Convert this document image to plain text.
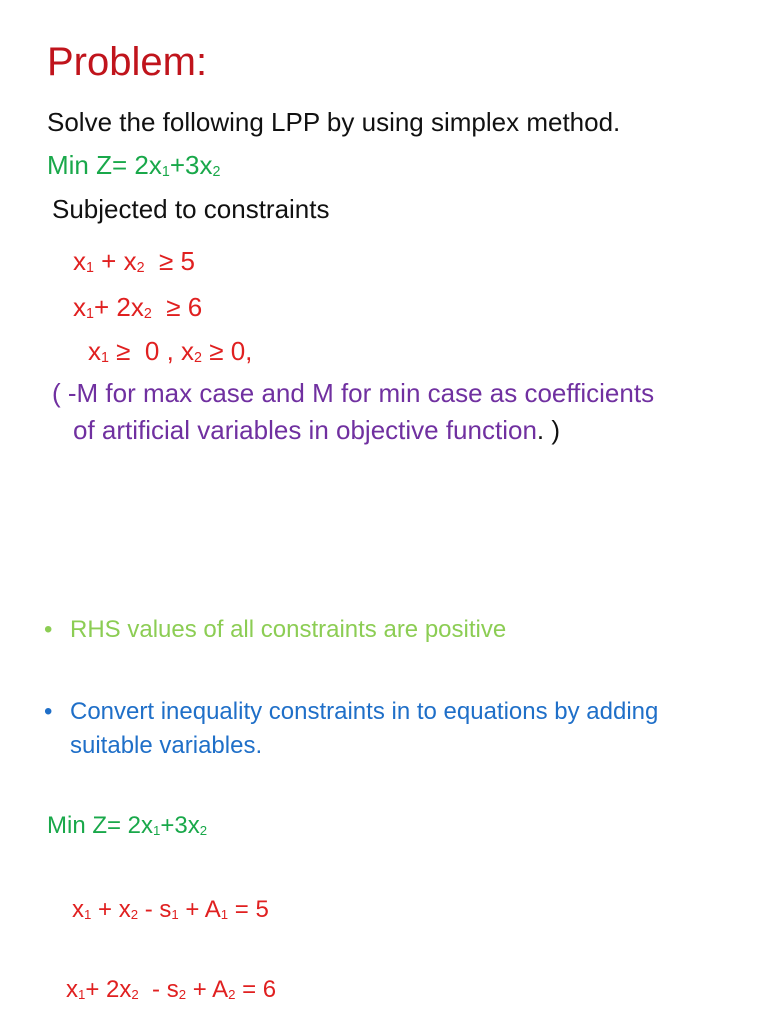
Problem:
Solve the following LPP by using simplex method.
Min Z= 2x1+3x2
Subjected to constraints
x1 + x2  ≥ 5
x1+ 2x2  ≥ 6
x1 ≥  0 , x2 ≥ 0,
( -M for max case and M for min case as coefficients
of artificial variables in objective function. )
• RHS values of all constraints are positive
• Convert inequality constraints in to equations by adding
suitable variables.
Min Z= 2x1+3x2
x1 + x2 - s1 + A1 = 5
x1+ 2x2  - s2 + A2 = 6
